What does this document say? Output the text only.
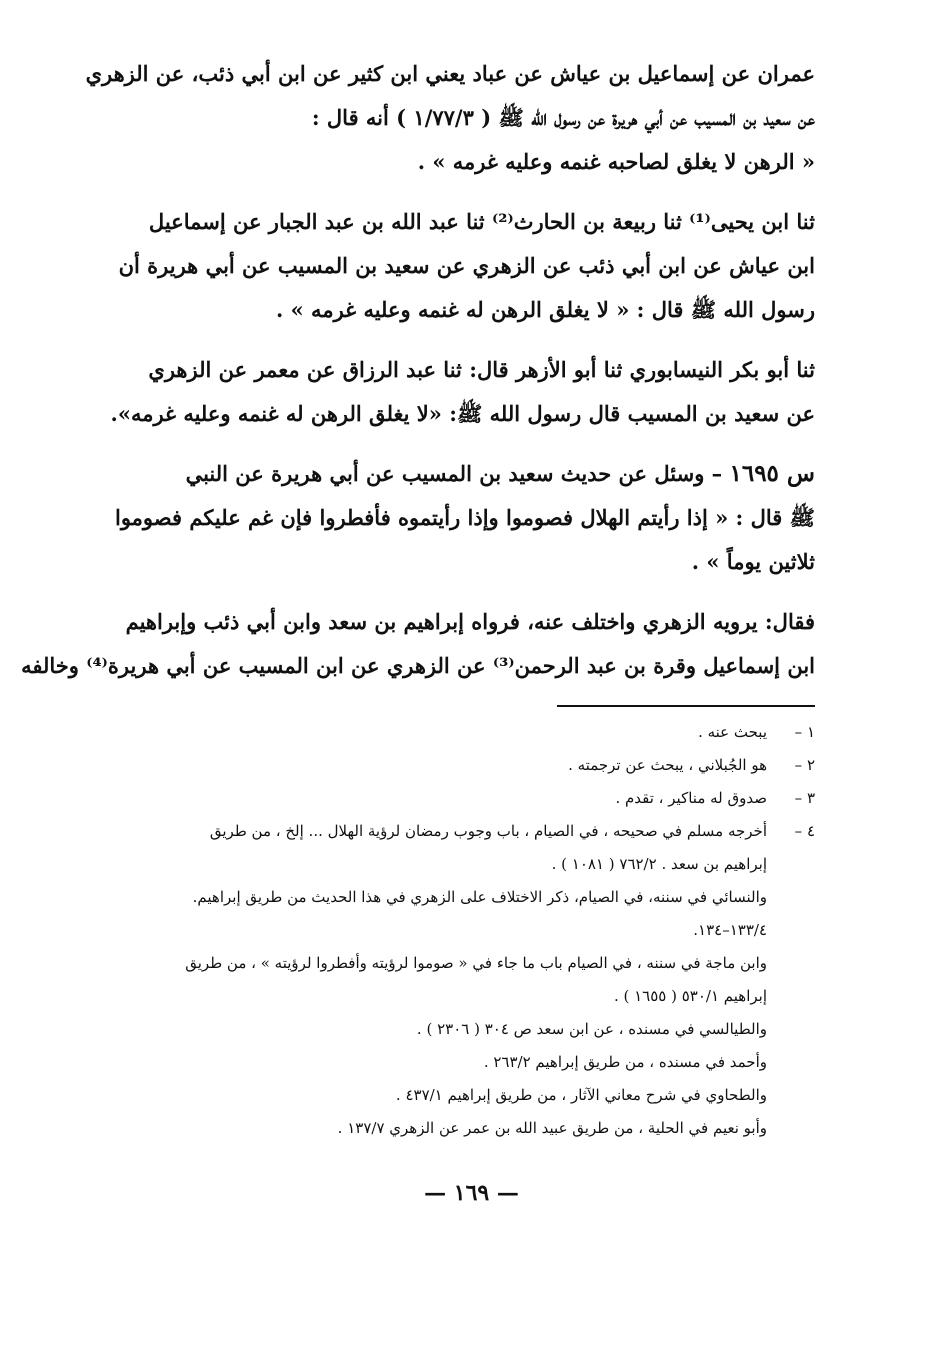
عمران عن إسماعيل بن عياش عن عباد يعني ابن كثير عن ابن أبي ذئب، عن الزهري
عن سعيد بن المسيب عن أبي هريرة عن رسول الله ﷺ ( ١/٧٧/٣ ) أنه قال :
« الرهن لا يغلق لصاحبه غنمه وعليه غرمه » .

ثنا ابن يحيى⁽¹⁾ ثنا ربيعة بن الحارث⁽²⁾ ثنا عبد الله بن عبد الجبار عن إسماعيل
ابن عياش عن ابن أبي ذئب عن الزهري عن سعيد بن المسيب عن أبي هريرة أن
رسول الله ﷺ قال : « لا يغلق الرهن له غنمه وعليه غرمه » .

ثنا أبو بكر النيسابوري ثنا أبو الأزهر قال: ثنا عبد الرزاق عن معمر عن الزهري
عن سعيد بن المسيب قال رسول الله ﷺ: «لا يغلق الرهن له غنمه وعليه غرمه».

س ١٦٩٥ – وسئل عن حديث سعيد بن المسيب عن أبي هريرة عن النبي
ﷺ قال : « إذا رأيتم الهلال فصوموا وإذا رأيتموه فأفطروا فإن غم عليكم فصوموا
ثلاثين يوماً » .

فقال: يرويه الزهري واختلف عنه، فرواه إبراهيم بن سعد وابن أبي ذئب وإبراهيم
ابن إسماعيل وقرة بن عبد الرحمن⁽³⁾ عن الزهري عن ابن المسيب عن أبي هريرة⁽⁴⁾ وخالفه

١ –
يبحث عنه .
٢ –
هو الجُبلاني ، يبحث عن ترجمته .
٣ –
صدوق له مناكير ، تقدم .
٤ –
أخرجه مسلم في صحيحه ، في الصيام ، باب وجوب رمضان لرؤية الهلال ... إلخ ، من طريق
إبراهيم بن سعد . ٧٦٢/٢ ( ١٠٨١ ) .
والنسائي في سننه، في الصيام، ذكر الاختلاف على الزهري في هذا الحديث من طريق إبراهيم.
١٣٣/٤–١٣٤.
وابن ماجة في سننه ، في الصيام باب ما جاء في « صوموا لرؤيته وأفطروا لرؤيته » ، من طريق
إبراهيم ٥٣٠/١ ( ١٦٥٥ ) .
والطيالسي في مسنده ، عن ابن سعد ص ٣٠٤ ( ٢٣٠٦ ) .
وأحمد في مسنده ، من طريق إبراهيم ٢٦٣/٢ .
والطحاوي في شرح معاني الآثار ، من طريق إبراهيم ٤٣٧/١ .
وأبو نعيم في الحلية ، من طريق عبيد الله بن عمر عن الزهري ١٣٧/٧ .
— ١٦٩ —
